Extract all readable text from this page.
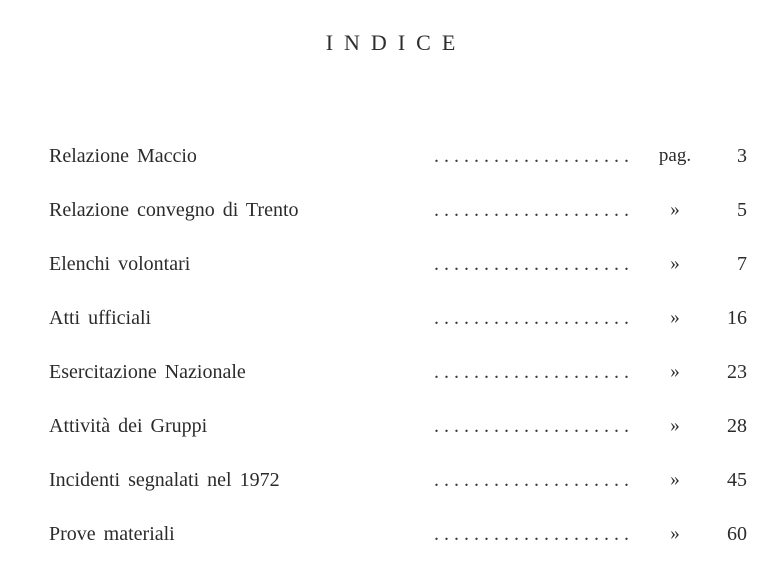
INDICE
. . . . . . . . . . . . . . . . . . . .
Relazione Maccio	pag.	3
. . . . . . . . . . . . . . . . . . . .
Relazione convegno di Trento	»	5
. . . . . . . . . . . . . . . . . . . .
Elenchi volontari	»	7
. . . . . . . . . . . . . . . . . . . .
Atti ufficiali	»	16
. . . . . . . . . . . . . . . . . . . .
Esercitazione Nazionale	»	23
. . . . . . . . . . . . . . . . . . . .
Attività dei Gruppi	»	28
. . . . . . . . . . . . . . . . . . . .
Incidenti segnalati nel 1972	»	45
. . . . . . . . . . . . . . . . . . . .
Prove materiali	»	60
